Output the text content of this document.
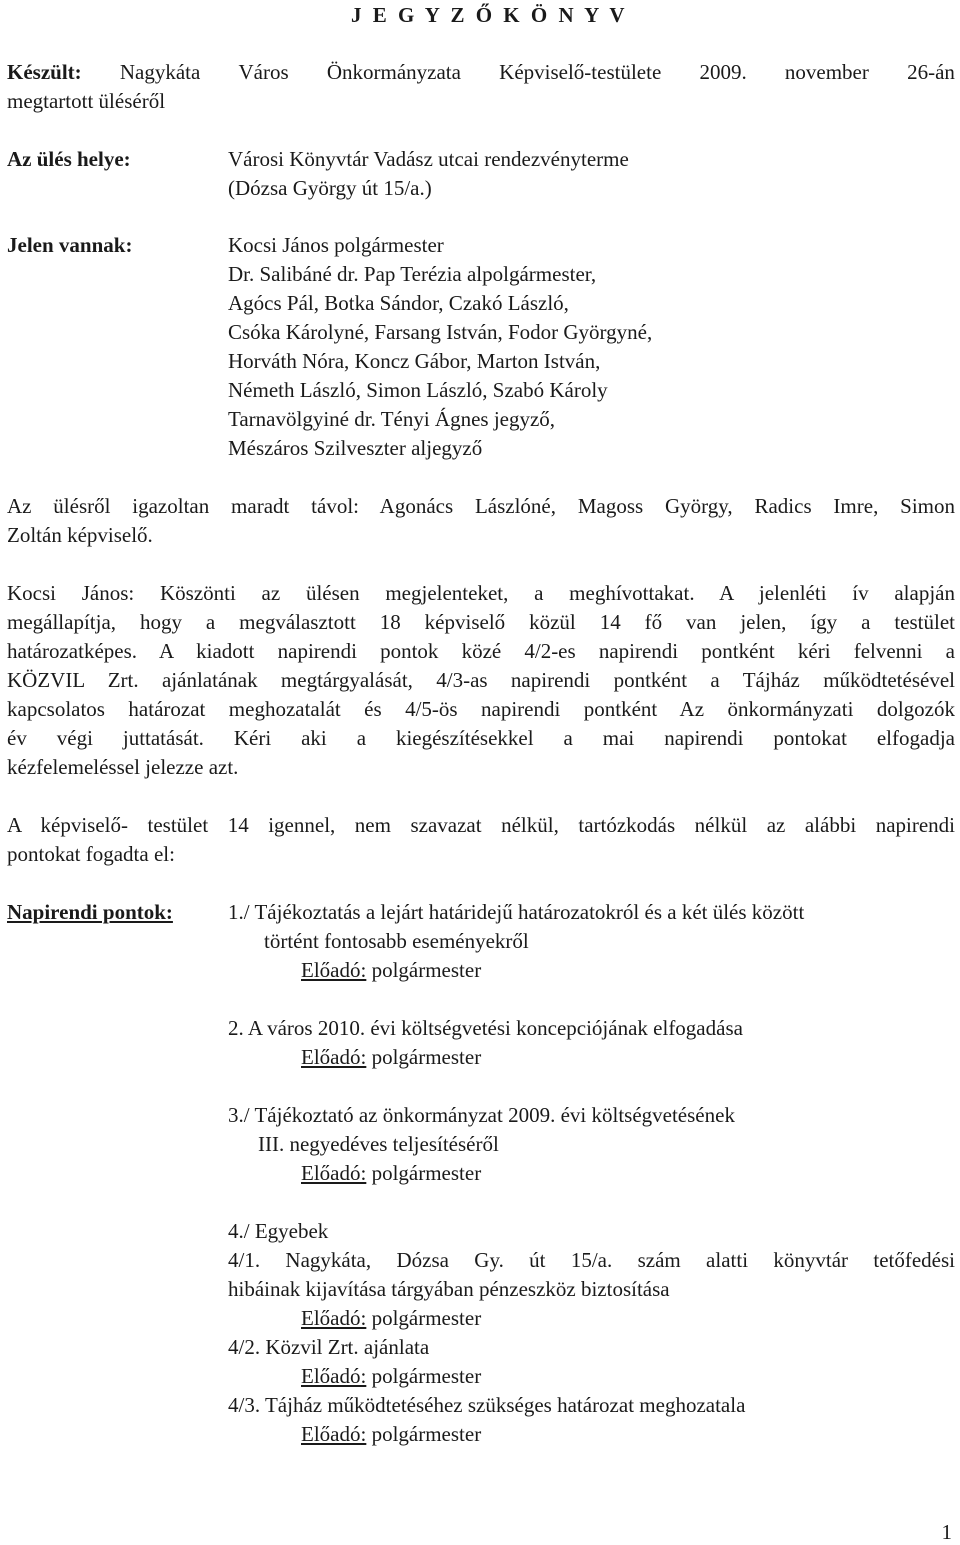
J E G Y Z Ő K Ö N Y V
Készült: Nagykáta Város Önkormányzata Képviselő-testülete 2009. november 26-án
megtartott üléséről
Az ülés helye:	Városi Könyvtár Vadász utcai rendezvényterme
(Dózsa György út 15/a.)
Jelen vannak:	Kocsi János polgármester
Dr. Salibáné dr. Pap Terézia alpolgármester,
Agócs Pál, Botka Sándor, Czakó László,
Csóka Károlyné, Farsang István, Fodor Györgyné,
Horváth Nóra, Koncz Gábor, Marton István,
Németh László, Simon László, Szabó Károly
Tarnavölgyiné dr. Tényi Ágnes jegyző,
Mészáros Szilveszter aljegyző
Az ülésről igazoltan maradt távol: Agonács Lászlóné, Magoss György, Radics Imre, Simon
Zoltán képviselő.
Kocsi János: Köszönti az ülésen megjelenteket, a meghívottakat. A jelenléti ív alapján
megállapítja, hogy a megválasztott 18 képviselő közül 14 fő van jelen, így a testület
határozatképes. A kiadott napirendi pontok közé 4/2-es napirendi pontként kéri felvenni a
KÖZVIL Zrt. ajánlatának megtárgyalását, 4/3-as napirendi pontként a Tájház működtetésével
kapcsolatos határozat meghozatalát és 4/5-ös napirendi pontként Az önkormányzati dolgozók
év végi juttatását. Kéri aki a kiegészítésekkel a mai napirendi pontokat elfogadja
kézfelemeléssel jelezze azt.
A képviselő- testület 14 igennel, nem szavazat nélkül, tartózkodás nélkül az alábbi napirendi
pontokat fogadta el:
Napirendi pontok:	1./ Tájékoztatás a lejárt határidejű határozatokról és a két ülés között
történt fontosabb eseményekről
Előadó: polgármester
2. A város 2010. évi költségvetési koncepciójának elfogadása
Előadó: polgármester
3./ Tájékoztató az önkormányzat 2009. évi költségvetésének
III. negyedéves teljesítéséről
Előadó: polgármester
4./ Egyebek
4/1. Nagykáta, Dózsa Gy. út 15/a. szám alatti könyvtár tetőfedési
hibáinak kijavítása tárgyában pénzeszköz biztosítása
Előadó: polgármester
4/2. Közvil Zrt. ajánlata
Előadó: polgármester
4/3. Tájház működtetéséhez szükséges határozat meghozatala
Előadó: polgármester
1
